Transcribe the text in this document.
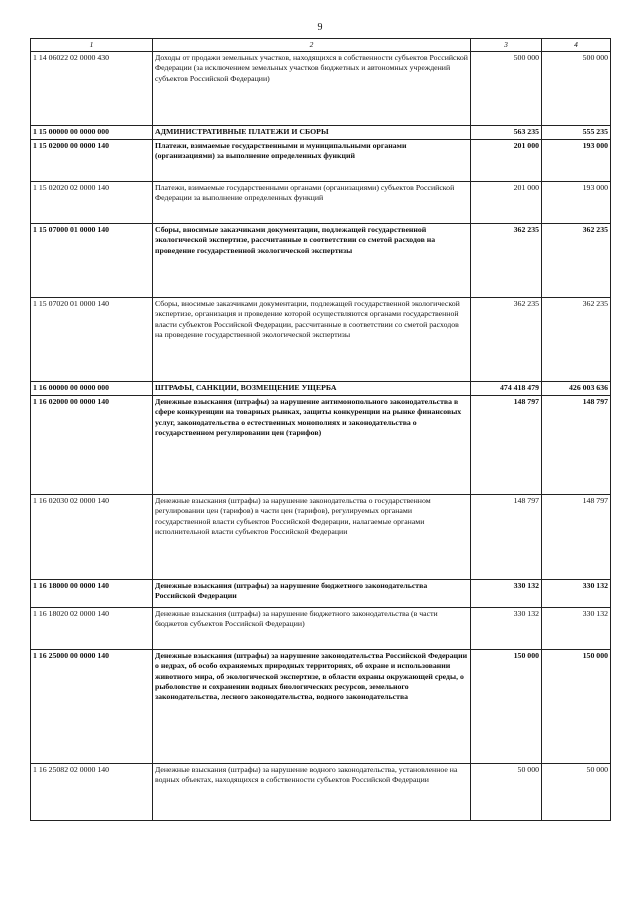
9
1	2	3	4
1 14 06022 02 0000 430	Доходы от продажи земельных участков, находящихся в собственности субъектов Российской Федерации (за исключением земельных участков бюджетных и автономных учреждений субъектов Российской Федерации)	500 000	500 000
1 15 00000 00 0000 000	АДМИНИСТРАТИВНЫЕ ПЛАТЕЖИ И СБОРЫ	563 235	555 235
1 15 02000 00 0000 140	Платежи, взимаемые государственными и муниципальными органами (организациями) за выполнение определенных функций	201 000	193 000
1 15 02020 02 0000 140	Платежи, взимаемые государственными органами (организациями) субъектов Российской Федерации за выполнение определенных функций	201 000	193 000
1 15 07000 01 0000 140	Сборы, вносимые заказчиками документации, подлежащей государственной экологической экспертизе, рассчитанные в соответствии со сметой расходов на проведение государственной экологической экспертизы	362 235	362 235
1 15 07020 01 0000 140	Сборы, вносимые заказчиками документации, подлежащей государственной экологической экспертизе, организация и проведение которой осуществляются органами государственной власти субъектов Российской Федерации, рассчитанные в соответствии со сметой расходов на проведение государственной экологической экспертизы	362 235	362 235
1 16 00000 00 0000 000	ШТРАФЫ, САНКЦИИ, ВОЗМЕЩЕНИЕ УЩЕРБА	474 418 479	426 003 636
1 16 02000 00 0000 140	Денежные взыскания (штрафы) за нарушение антимонопольного законодательства в сфере конкуренции на товарных рынках, защиты конкуренции на рынке финансовых услуг, законодательства о естественных монополиях и законодательства о государственном регулировании цен (тарифов)	148 797	148 797
1 16 02030 02 0000 140	Денежные взыскания (штрафы) за нарушение законодательства о государственном регулировании цен (тарифов) в части цен (тарифов), регулируемых органами государственной власти субъектов Российской Федерации, налагаемые органами исполнительной власти субъектов Российской Федерации	148 797	148 797
1 16 18000 00 0000 140	Денежные взыскания (штрафы) за нарушение бюджетного законодательства Российской Федерации	330 132	330 132
1 16 18020 02 0000 140	Денежные взыскания (штрафы) за нарушение бюджетного законодательства (в части бюджетов субъектов Российской Федерации)	330 132	330 132
1 16 25000 00 0000 140	Денежные взыскания (штрафы) за нарушение законодательства Российской Федерации о недрах, об особо охраняемых природных территориях, об охране и использовании животного мира, об экологической экспертизе, в области охраны окружающей среды, о рыболовстве и сохранении водных биологических ресурсов, земельного законодательства, лесного законодательства, водного законодательства	150 000	150 000
1 16 25082 02 0000 140	Денежные взыскания (штрафы) за нарушение водного законодательства, установленное на водных объектах, находящихся в собственности субъектов Российской Федерации	50 000	50 000
